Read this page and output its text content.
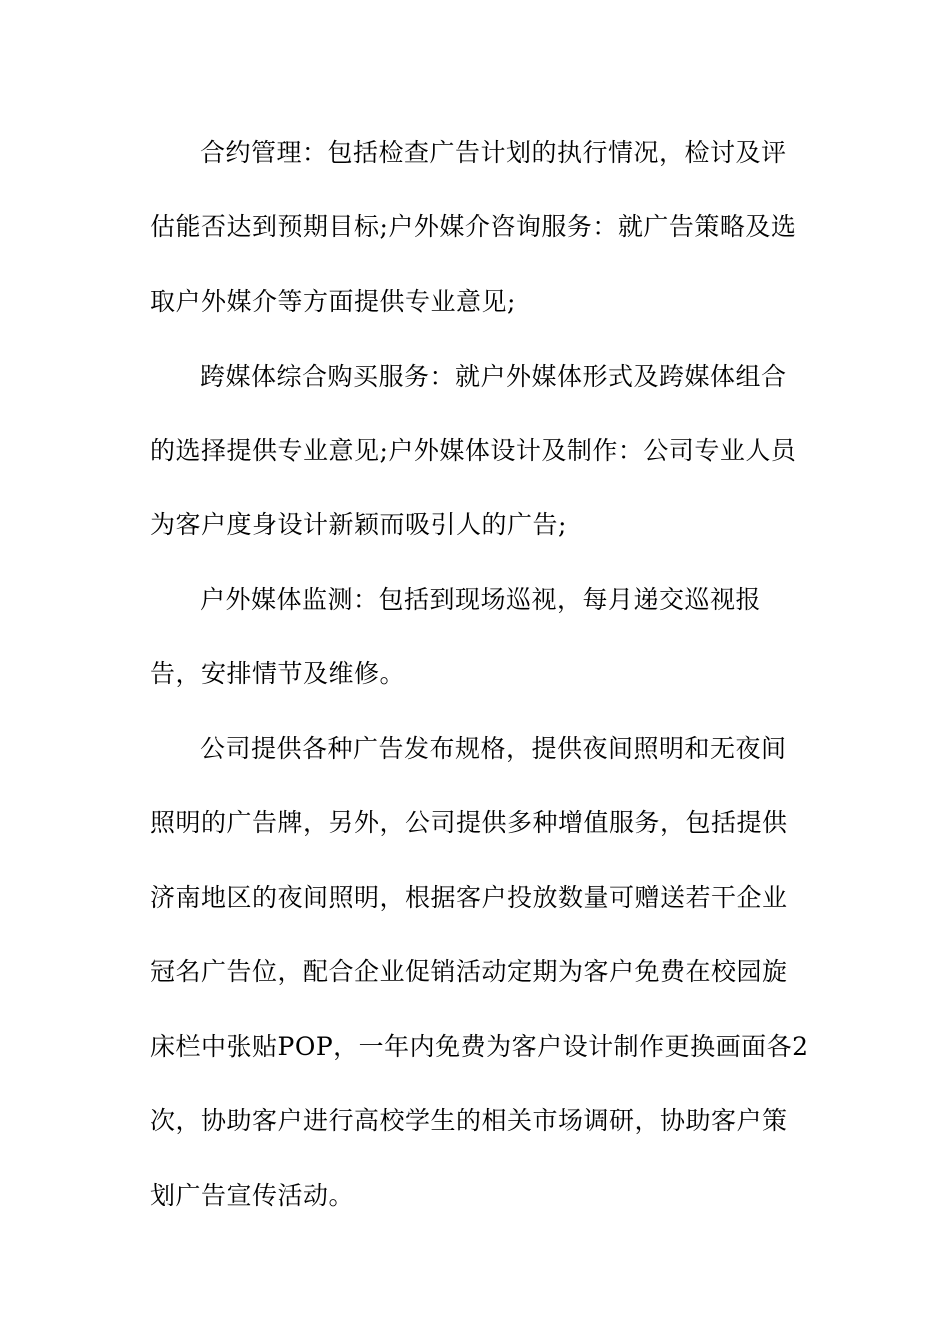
合约管理：包括检查广告计划的执行情况，检讨及评
估能否达到预期目标;户外媒介咨询服务：就广告策略及选
取户外媒介等方面提供专业意见;
跨媒体综合购买服务：就户外媒体形式及跨媒体组合
的选择提供专业意见;户外媒体设计及制作：公司专业人员
为客户度身设计新颖而吸引人的广告;
户外媒体监测：包括到现场巡视，每月递交巡视报
告，安排情节及维修。
公司提供各种广告发布规格，提供夜间照明和无夜间
照明的广告牌，另外，公司提供多种增值服务，包括提供
济南地区的夜间照明，根据客户投放数量可赠送若干企业
冠名广告位，配合企业促销活动定期为客户免费在校园旋
床栏中张贴POP，一年内免费为客户设计制作更换画面各2
次，协助客户进行高校学生的相关市场调研，协助客户策
划广告宣传活动。
